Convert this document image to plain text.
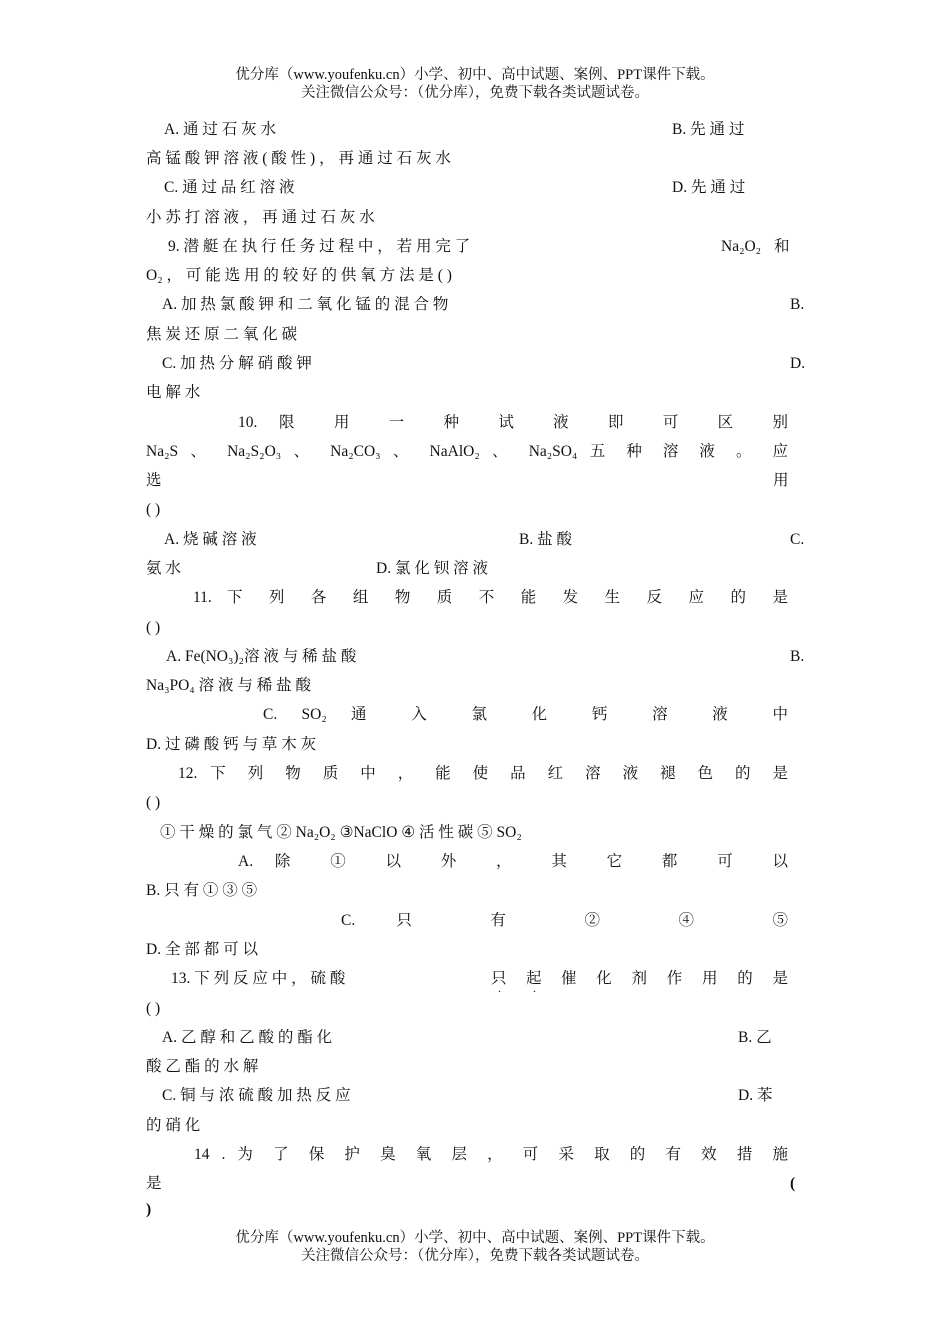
优分库（www.youfenku.cn）小学、初中、高中试题、案例、PPT课件下载。
关注微信公众号：（优分库），免费下载各类试题试卷。
A. 通 过 石 灰 水	B. 先 通 过
高 锰 酸 钾 溶 液 ( 酸 性 ) ， 再 通 过 石 灰 水
C. 通 过 品 红 溶 液	D. 先 通 过
小 苏 打 溶 液 ， 再 通 过 石 灰 水
9. 潜 艇 在 执 行 任 务 过 程 中 ， 若 用 完 了	Na₂O₂ 和
O₂ ， 可 能 选 用 的 较 好 的 供 氧 方 法 是 ( )
A. 加 热 氯 酸 钾 和 二 氧 化 锰 的 混 合 物	B.
焦 炭 还 原 二 氧 化 碳
C. 加 热 分 解 硝 酸 钾	D.
电 解 水
10. 限 用 一 种 试 液 即 可 区 别
Na₂S 、 Na₂S₂O₃ 、 Na₂CO₃ 、 NaAlO₂ 、 Na₂SO₄ 五 种 溶 液 。 应
选	用
( )
A. 烧 碱 溶 液	B. 盐 酸	C.
氨 水	D. 氯 化 钡 溶 液
11. 下 列 各 组 物 质 不 能 发 生 反 应 的 是
( )
A. Fe(NO₃)₂溶 液 与 稀 盐 酸	B.
Na₃PO₄ 溶 液 与 稀 盐 酸
C. SO₂ 通 入 氯 化 钙 溶 液 中
D. 过 磷 酸 钙 与 草 木 灰
12. 下 列 物 质 中 ， 能 使 品 红 溶 液 褪 色 的 是
( )
① 干 燥 的 氯 气 ② Na₂O₂ ③NaClO ④ 活 性 碳 ⑤ SO₂
A. 除 ① 以 外 ， 其 它 都 可 以
B. 只 有 ① ③ ⑤
C. 只 有 ② ④ ⑤
D. 全 部 都 可 以
13. 下 列 反 应 中 ， 硫 酸	只 . 起 . 催 化 剂 作 用 的 是
( )
A. 乙 醇 和 乙 酸 的 酯 化	B. 乙
酸 乙 酯 的 水 解
C. 铜 与 浓 硫 酸 加 热 反 应	D. 苯
的 硝 化
14 . 为 了 保 护 臭 氧 层 ， 可 采 取 的 有 效 措 施
是	(
)
优分库（www.youfenku.cn）小学、初中、高中试题、案例、PPT课件下载。
关注微信公众号：（优分库），免费下载各类试题试卷。
